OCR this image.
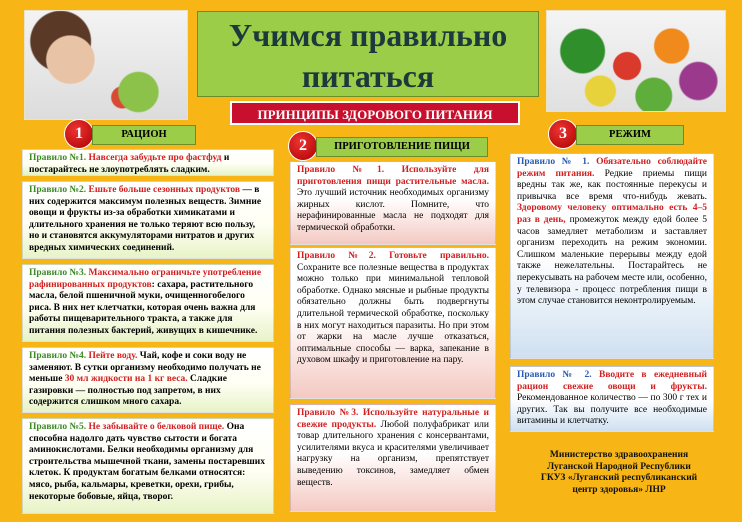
Учимся правильно
питаться
ПРИНЦИПЫ ЗДОРОВОГО ПИТАНИЯ
1	РАЦИОН
2	ПРИГОТОВЛЕНИЕ ПИЩИ
3	РЕЖИМ
Правило №1. Навсегда забудьте про фастфуд и постарайтесь не злоупотреблять сладким.
Правило №2. Ешьте больше сезонных продуктов — в них содержится максимум полезных веществ. Зимние овощи и фрукты из-за обработки химикатами и длительного хранения не только теряют всю пользу, но и становятся аккумуляторами нитратов и других вредных химических соединений.
Правило №3. Максимально ограничьте употребление рафинированных продуктов: сахара, растительного масла, белой пшеничной муки, очищенногобелого риса. В них нет клетчатки, которая очень важна для работы пищеварительного тракта, а также для питания полезных бактерий, живущих в кишечнике.
Правило №4. Пейте воду. Чай, кофе и соки воду не заменяют. В сутки организму необходимо получать не меньше 30 мл жидкости на 1 кг веса. Сладкие газировки — полностью под запретом, в них содержится слишком много сахара.
Правило №5. Не забывайте о белковой пище. Она способна надолго дать чувство сытости и богата аминокислотами. Белки необходимы организму для строительства мышечной ткани, замены постаревших клеток. К продуктам богатым белками относятся: мясо, рыба, кальмары, креветки, орехи, грибы, некоторые бобовые, яйца, творог.
Правило №1. Используйте для приготовления пищи растительные масла. Это лучший источник необходимых организму жирных кислот. Помните, что нерафинированные масла не подходят для термической обработки.
Правило №2. Готовьте правильно. Сохраните все полезные вещества в продуктах можно только при минимальной тепловой обработке. Однако мясные и рыбные продукты обязательно должны быть подвергнуты длительной термической обработке, поскольку в них могут находиться паразиты. Но при этом от жарки на масле лучше отказаться, оптимальные способы — варка, запекание в духовом шкафу и приготовление на пару.
Правило №3. Используйте натуральные и свежие продукты. Любой полуфабрикат или товар длительного хранения с консервантами, усилителями вкуса и красителями увеличивает нагрузку на организм, препятствует выведению токсинов, замедляет обмен веществ.
Правило № 1. Обязательно соблюдайте режим питания. Редкие приемы пищи вредны так же, как постоянные перекусы и привычка все время что-нибудь жевать. Здоровому человеку оптимально есть 4–5 раз в день, промежуток между едой более 5 часов замедляет метаболизм и заставляет организм переходить на режим экономии. Слишком маленькие перерывы между едой также нежелательны. Постарайтесь не перекусывать на рабочем месте или, особенно, у телевизора - процесс потребления пищи в этом случае становится неконтролируемым.
Правило № 2. Вводите в ежедневный рацион свежие овощи и фрукты. Рекомендованное количество — по 300 г тех и других. Так вы получите все необходимые витамины и клетчатку.
Министерство здравоохранения
Луганской Народной Республики
ГКУЗ «Луганский республиканский
центр здоровья» ЛНР
